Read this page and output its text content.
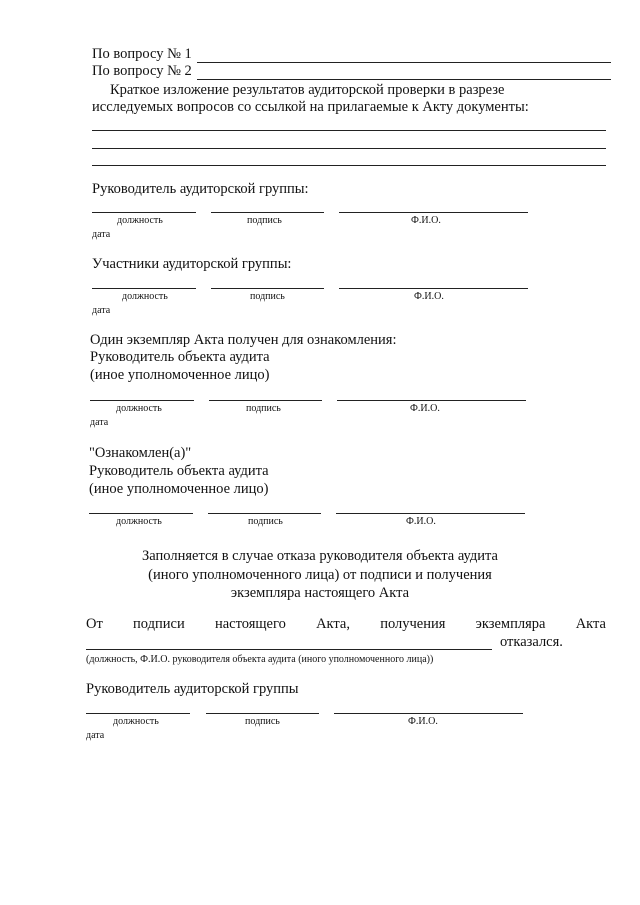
По вопросу № 1
По вопросу № 2
Краткое изложение результатов аудиторской проверки в разрезе
исследуемых вопросов со ссылкой на прилагаемые к Акту документы:
Руководитель аудиторской группы:
должность	подпись	Ф.И.О.
дата
Участники аудиторской группы:
должность	подпись	Ф.И.О.
дата
Один экземпляр Акта получен для ознакомления:
Руководитель объекта аудита
(иное уполномоченное лицо)
должность	подпись	Ф.И.О.
дата
"Ознакомлен(а)"
Руководитель объекта аудита
(иное уполномоченное лицо)
должность	подпись	Ф.И.О.
Заполняется в случае отказа руководителя объекта аудита
(иного уполномоченного лица) от подписи и получения
экземпляра настоящего Акта
От подписи настоящего Акта, получения экземпляра Акта
отказался.
(должность, Ф.И.О. руководителя объекта аудита (иного уполномоченного лица))
Руководитель аудиторской группы
должность	подпись	Ф.И.О.
дата
